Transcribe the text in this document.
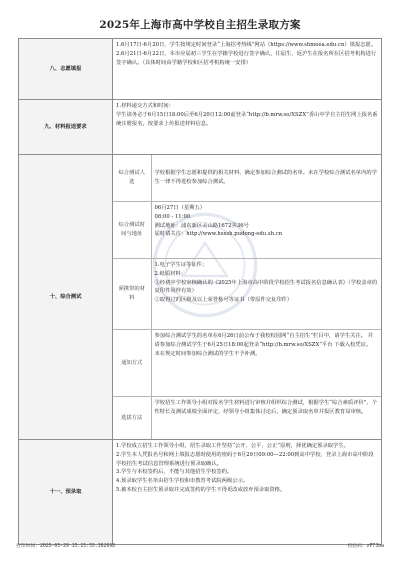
2025年上海市高中学校自主招生录取方案
八、志愿填报	
1.6月17日-6月20日，学生按规定时间登录“上海招考热线”网站（https://www.shmeea.edu.cn）填报志愿。
2.6月21日-6月22日，本市应届初三学生在学籍学校进行签字确认，往届生、返沪生在报名所在区招考机构进行签字确认。（具体时间由学籍学校和区招考机构统一安排）

九、材料报送要求	
1.材料递交方式和时间：
学生请务必于6月15日18:00后至6月20日12:00前登录“http://b.mrw.so/XSZX”香山中学自主招生网上报名系统注册报名，按要求上传报送材料信息。

十、综合测试	
综合测试人选	
学校根据学生志愿和提供的相关材料，确定参加综合测试的名单。未在学校综合测试名单内的学生一律不得进校参加综合测试。

综合测试时间与地址	
06月27日（星期五）
08:00 - 11:00
测试地址：浦东新区灵山路1672弄36号
届时请关注：http://www.hsxsh.pudong-edu.sh.cn

须携带的材料	
1.电子学生证等证件；
2.纸质材料：
①经初中学校审核确认的《2025年上海市高中阶段学校招生考试报名信息确认表》（学校盖章的复印件同样有效）
②取得过的区级及以上荣誉称号等证书（带原件交复印件）

通知方式	
参加综合测试学生的名单在6月26日前公布于我校校园网“自主招生”栏目中，请学生关注。 并请参加综合测试学生于6月25日18:00起登录“http://b.mrw.so/XSZX”平台 下载入校凭证。
未在规定时间参加综合测试的学生不予补测。

选拔方法	
学校招生工作领导小组对报名学生材料进行审核并组织综合测试，根据学生“综合素质评价”、个性特长及测试成绩全面评定，经领导小组集体讨论后，确定预录取名单并报区教育局审核。

十一、预录取	
1.学校成立招生工作领导小组，招生录取工作坚持“公开、公平、公正”原则，择优确定预录取学生。
2.学生本人凭报名号和网上填报志愿时使用的密码于6月29日09:00—22:00到高中学校，登录上海市高中阶段学校招生考试信息管理系统进行预录取确认。
3.学生与本校签约后，不能与其他招生学校签约。
4.预录取学生名单由招生学校和市教育考试院两级公示。
5.被本校自主招生预录取并完成签约的学生不得更改或放弃预录取资格。
打印时间：2025-05-29 15:15:55.362698	校验码：zPT3bw
